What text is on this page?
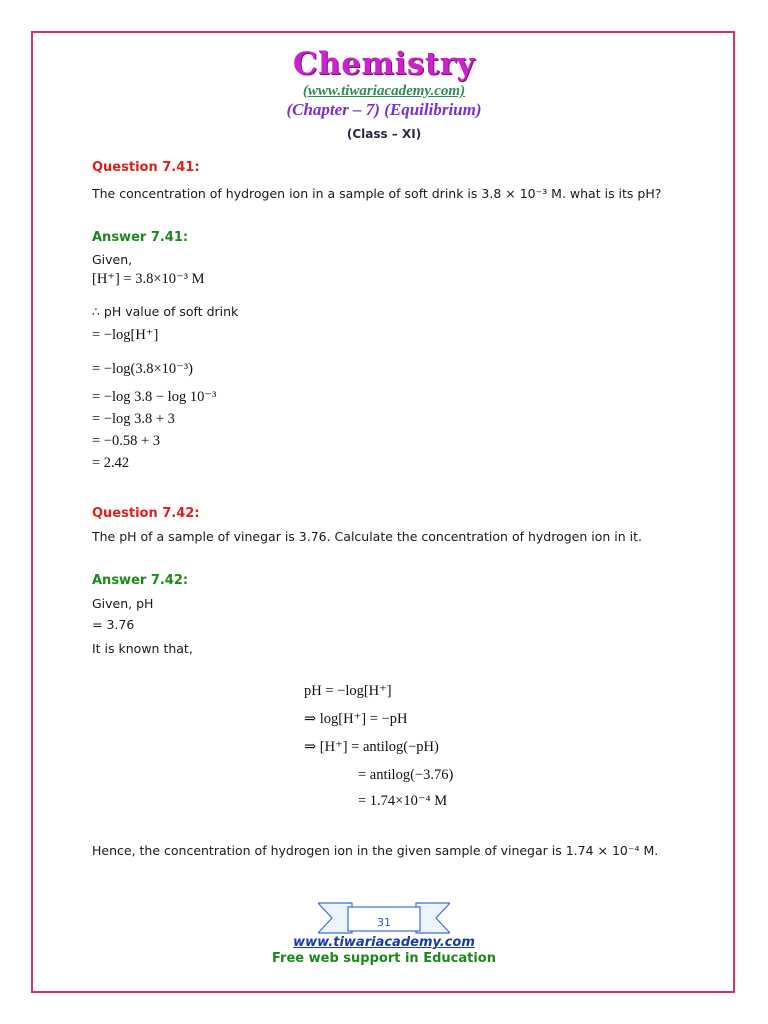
Chemistry
(www.tiwariacademy.com)
(Chapter – 7) (Equilibrium)
(Class – XI)
Question 7.41:
The concentration of hydrogen ion in a sample of soft drink is 3.8 × 10⁻³ M. what is its pH?
Answer 7.41:
Given,
[H⁺] = 3.8×10⁻³ M
∴ pH value of soft drink
= −log[H⁺]
= −log(3.8×10⁻³)
= −log 3.8 − log 10⁻³
= −log 3.8 + 3
= −0.58 + 3
= 2.42
Question 7.42:
The pH of a sample of vinegar is 3.76. Calculate the concentration of hydrogen ion in it.
Answer 7.42:
Given, pH
= 3.76
It is known that,
pH = −log[H⁺]
⇒ log[H⁺] = −pH
⇒ [H⁺] = antilog(−pH)
= antilog(−3.76)
= 1.74×10⁻⁴ M
Hence, the concentration of hydrogen ion in the given sample of vinegar is 1.74 × 10⁻⁴ M.
31
www.tiwariacademy.com
Free web support in Education
